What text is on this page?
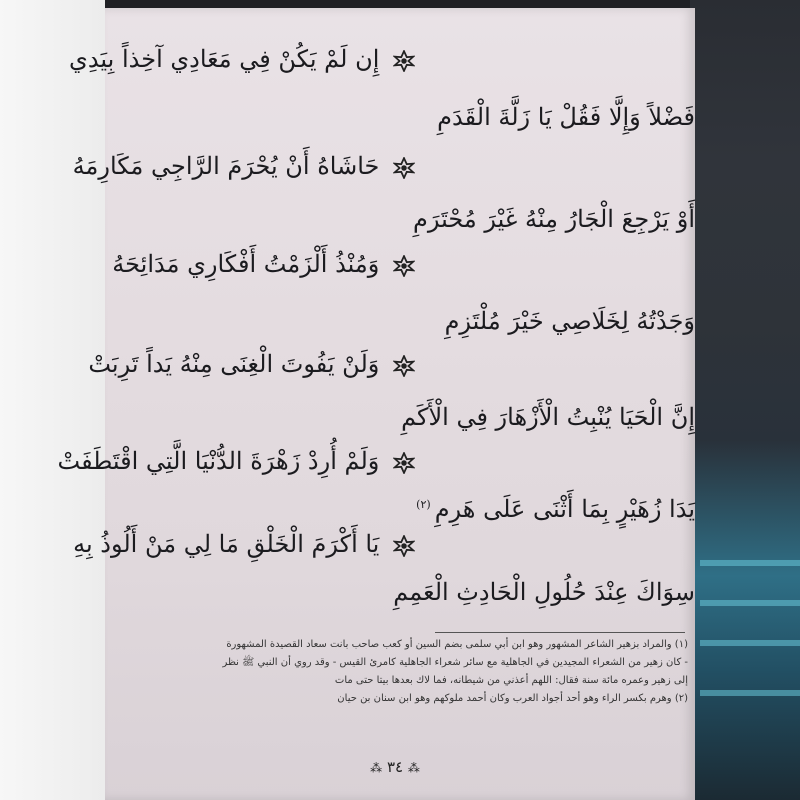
إِن لَمْ يَكُنْ فِي مَعَادِي آخِذاً بِيَدِي
فَضْلاً وَإِلَّا فَقُلْ يَا زَلَّةَ الْقَدَمِ
حَاشَاهُ أَنْ يُحْرَمَ الرَّاجِي مَكَارِمَهُ
أَوْ يَرْجِعَ الْجَارُ مِنْهُ غَيْرَ مُحْتَرَمِ
وَمُنْذُ أَلْزَمْتُ أَفْكَارِي مَدَائِحَهُ
وَجَدْتُهُ لِخَلَاصِي خَيْرَ مُلْتَزِمِ
وَلَنْ يَفُوتَ الْغِنَى مِنْهُ يَداً تَرِبَتْ
إِنَّ الْحَيَا يُنْبِتُ الْأَزْهَارَ فِي الْأَكَمِ
وَلَمْ أُرِدْ زَهْرَةَ الدُّنْيَا الَّتِي اقْتَطَفَتْ
يَدَا زُهَيْرٍ بِمَا أَثْنَى عَلَى هَرِمِ$^{(٢)}$
يَا أَكْرَمَ الْخَلْقِ مَا لِي مَنْ أَلُوذُ بِهِ
سِوَاكَ عِنْدَ حُلُولِ الْحَادِثِ الْعَمِمِ

(١) والمراد بزهير الشاعر المشهور وهو ابن أبي سلمى بضم السين أو كعب صاحب بانت سعاد القصيدة المشهورة

- كان زهير من الشعراء المجيدين في الجاهلية مع سائر شعراء الجاهلية كامرئ القيس - وقد روي أن النبي ﷺ نظر

إلى زهير وعمره مائة سنة فقال: اللهم أعذني من شيطانه، فما لاك بعدها بيتا حتى مات

(٢) وهرم بكسر الراء وهو أحد أجواد العرب وكان أحمد ملوكهم وهو ابن سنان بن حيان

⁂ ٣٤ ⁂
